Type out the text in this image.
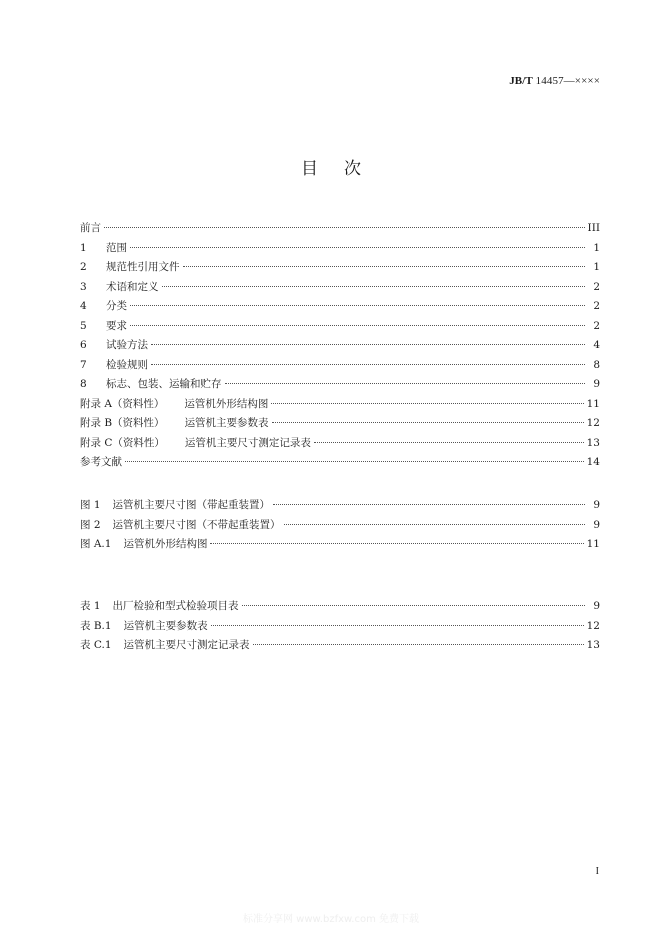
JB/T 14457—××××
目次
前言	III
1 范围	1
2 规范性引用文件	1
3 术语和定义	2
4 分类	2
5 要求	2
6 试验方法	4
7 检验规则	8
8 标志、包装、运输和贮存	9
附录 A（资料性） 运管机外形结构图	11
附录 B（资料性） 运管机主要参数表	12
附录 C（资料性） 运管机主要尺寸测定记录表	13
参考文献	14
图 1 运管机主要尺寸图（带起重装置）	9
图 2 运管机主要尺寸图（不带起重装置）	9
图 A.1 运管机外形结构图	11
表 1 出厂检验和型式检验项目表	9
表 B.1 运管机主要参数表	12
表 C.1 运管机主要尺寸测定记录表	13
I
标准分享网 www.bzfxw.com 免费下载
